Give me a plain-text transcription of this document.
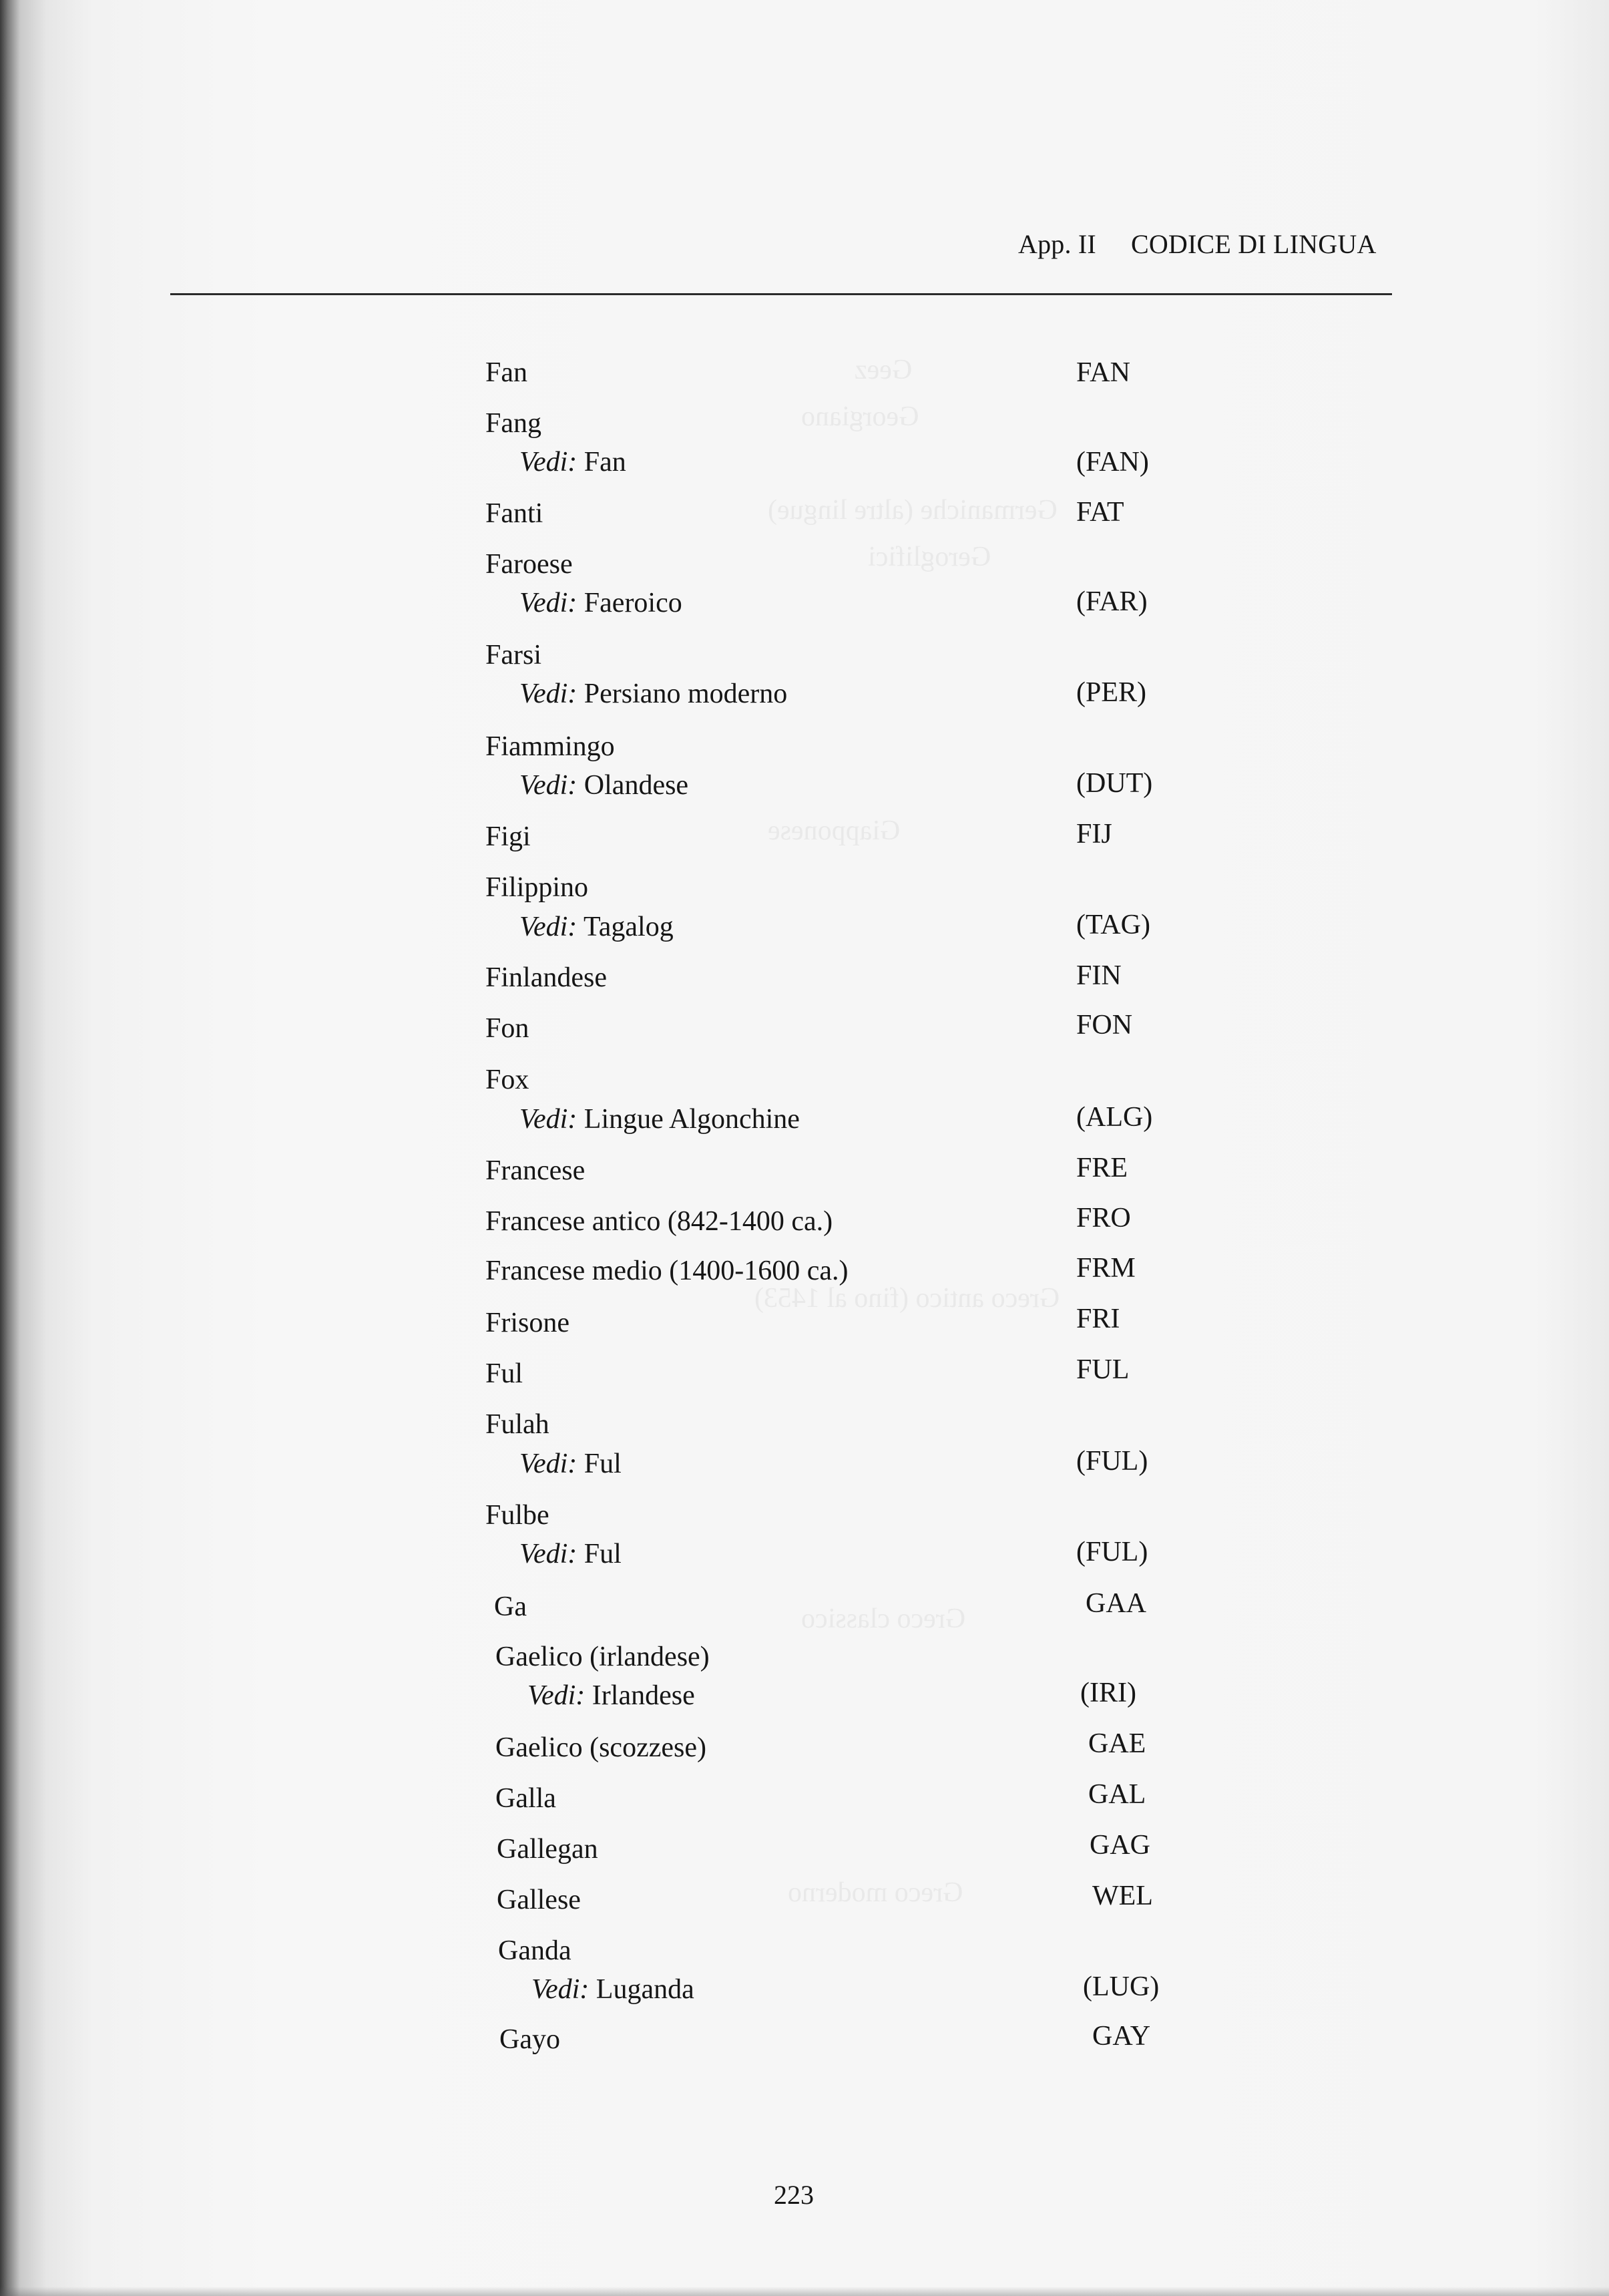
Geez
Georgiano
Germaniche (altre lingue)
Geroglifici
Giapponese
Greco antico (fino al 1453)
Greco classico
Greco moderno
App. II CODICE DI LINGUA
Fan	FAN
Fang
Vedi: Fan	(FAN)
Fanti	FAT
Faroese
Vedi: Faeroico	(FAR)
Farsi
Vedi: Persiano moderno	(PER)
Fiammingo
Vedi: Olandese	(DUT)
Figi	FIJ
Filippino
Vedi: Tagalog	(TAG)
Finlandese	FIN
Fon	FON
Fox
Vedi: Lingue Algonchine	(ALG)
Francese	FRE
Francese antico (842-1400 ca.)	FRO
Francese medio (1400-1600 ca.)	FRM
Frisone	FRI
Ful	FUL
Fulah
Vedi: Ful	(FUL)
Fulbe
Vedi: Ful	(FUL)
Ga	GAA
Gaelico (irlandese)
Vedi: Irlandese	(IRI)
Gaelico (scozzese)	GAE
Galla	GAL
Gallegan	GAG
Gallese	WEL
Ganda
Vedi: Luganda	(LUG)
Gayo	GAY
223
